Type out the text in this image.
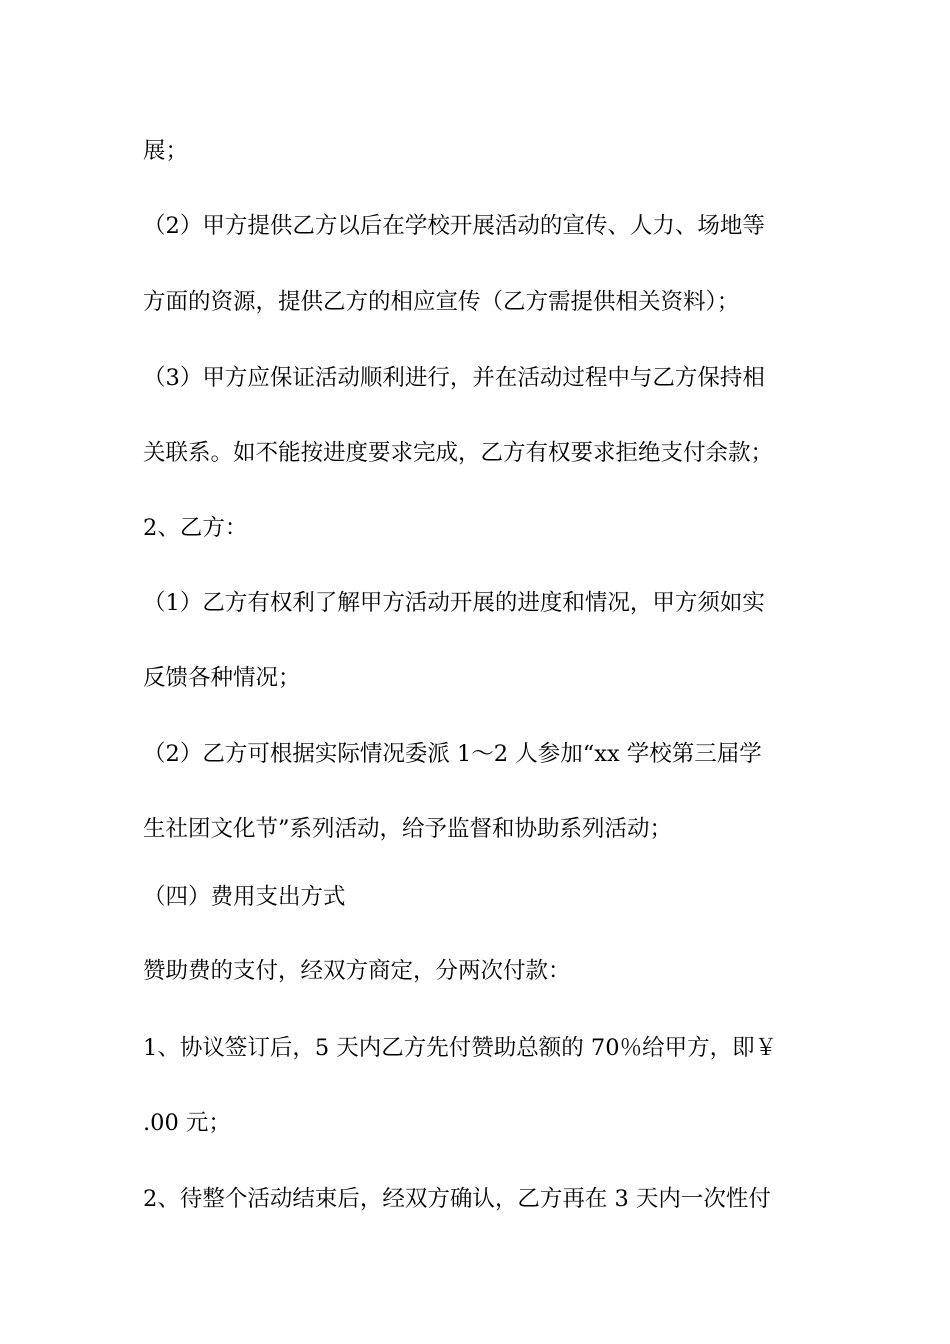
展；

（2）甲方提供乙方以后在学校开展活动的宣传、人力、场地等

方面的资源，提供乙方的相应宣传（乙方需提供相关资料）；

（3）甲方应保证活动顺利进行，并在活动过程中与乙方保持相

关联系。如不能按进度要求完成，乙方有权要求拒绝支付余款；

2、乙方：

（1）乙方有权利了解甲方活动开展的进度和情况，甲方须如实

反馈各种情况；

（2）乙方可根据实际情况委派 1～2 人参加“xx 学校第三届学

生社团文化节”系列活动，给予监督和协助系列活动；

（四）费用支出方式

赞助费的支付，经双方商定，分两次付款：

1、协议签订后，5 天内乙方先付赞助总额的 70％给甲方，即￥

.00 元；

2、待整个活动结束后，经双方确认，乙方再在 3 天内一次性付
